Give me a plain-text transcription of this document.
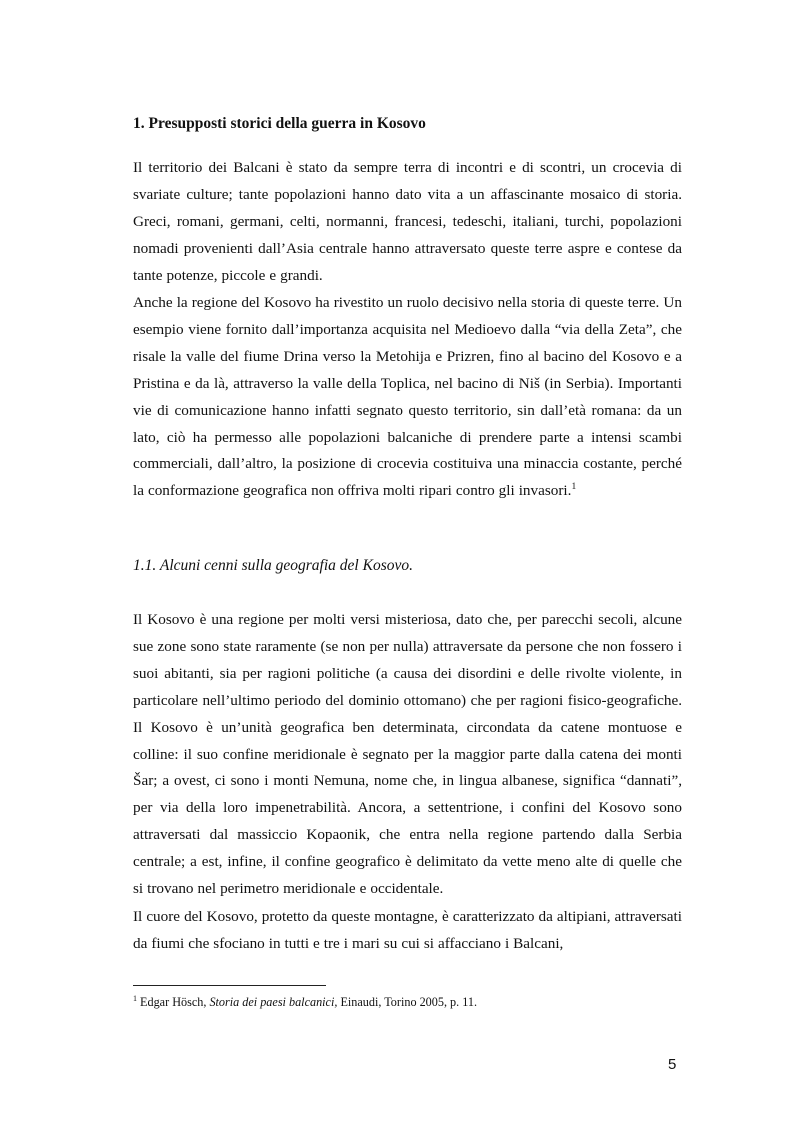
1. Presupposti storici della guerra in Kosovo

Il territorio dei Balcani è stato da sempre terra di incontri e di scontri, un crocevia di svariate culture; tante popolazioni hanno dato vita a un affascinante mosaico di storia. Greci, romani, germani, celti, normanni, francesi, tedeschi, italiani, turchi, popolazioni nomadi provenienti dall’Asia centrale hanno attraversato queste terre aspre e contese da tante potenze, piccole e grandi.

Anche la regione del Kosovo ha rivestito un ruolo decisivo nella storia di queste terre. Un esempio viene fornito dall’importanza acquisita nel Medioevo dalla “via della Zeta”, che risale la valle del fiume Drina verso la Metohija e Prizren, fino al bacino del Kosovo e a Pristina e da là, attraverso la valle della Toplica, nel bacino di Niš (in Serbia). Importanti vie di comunicazione hanno infatti segnato questo territorio, sin dall’età romana: da un lato, ciò ha permesso alle popolazioni balcaniche di prendere parte a intensi scambi commerciali, dall’altro, la posizione di crocevia costituiva una minaccia costante, perché la conformazione geografica non offriva molti ripari contro gli invasori.$^1$

1.1. Alcuni cenni sulla geografia del Kosovo.

Il Kosovo è una regione per molti versi misteriosa, dato che, per parecchi secoli, alcune sue zone sono state raramente (se non per nulla) attraversate da persone che non fossero i suoi abitanti, sia per ragioni politiche (a causa dei disordini e delle rivolte violente, in particolare nell’ultimo periodo del dominio ottomano) che per ragioni fisico-geografiche. Il Kosovo è un’unità geografica ben determinata, circondata da catene montuose e colline: il suo confine meridionale è segnato per la maggior parte dalla catena dei monti Šar; a ovest, ci sono i monti Nemuna, nome che, in lingua albanese, significa “dannati”, per via della loro impenetrabilità. Ancora, a settentrione, i confini del Kosovo sono attraversati dal massiccio Kopaonik, che entra nella regione partendo dalla Serbia centrale; a est, infine, il confine geografico è delimitato da vette meno alte di quelle che si trovano nel perimetro meridionale e occidentale.

Il cuore del Kosovo, protetto da queste montagne, è caratterizzato da altipiani, attraversati da fiumi che sfociano in tutti e tre i mari su cui si affacciano i Balcani,

$^1$ Edgar Hösch, Storia dei paesi balcanici, Einaudi, Torino 2005, p. 11.

5
